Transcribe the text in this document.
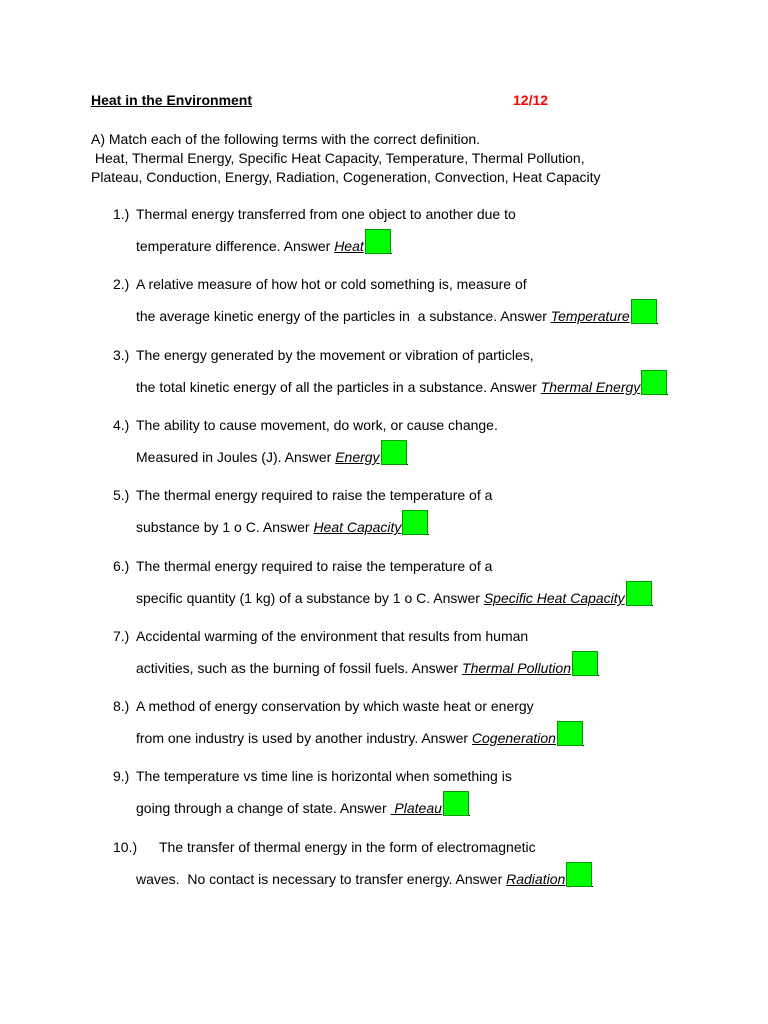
Heat in the Environment	12/12
A) Match each of the following terms with the correct definition.
Heat, Thermal Energy, Specific Heat Capacity, Temperature, Thermal Pollution,
Plateau, Conduction, Energy, Radiation, Cogeneration, Convection, Heat Capacity
1.) Thermal energy transferred from one object to another due to
temperature difference. Answer Heat
2.) A relative measure of how hot or cold something is, measure of
the average kinetic energy of the particles in  a substance. Answer Temperature
3.) The energy generated by the movement or vibration of particles,
the total kinetic energy of all the particles in a substance. Answer Thermal Energy
4.) The ability to cause movement, do work, or cause change.
Measured in Joules (J). Answer Energy
5.) The thermal energy required to raise the temperature of a
substance by 1 o C. Answer Heat Capacity
6.) The thermal energy required to raise the temperature of a
specific quantity (1 kg) of a substance by 1 o C. Answer Specific Heat Capacity
7.) Accidental warming of the environment that results from human
activities, such as the burning of fossil fuels. Answer Thermal Pollution
8.) A method of energy conservation by which waste heat or energy
from one industry is used by another industry. Answer Cogeneration
9.) The temperature vs time line is horizontal when something is
going through a change of state. Answer Plateau
10.) The transfer of thermal energy in the form of electromagnetic
waves.  No contact is necessary to transfer energy. Answer Radiation
